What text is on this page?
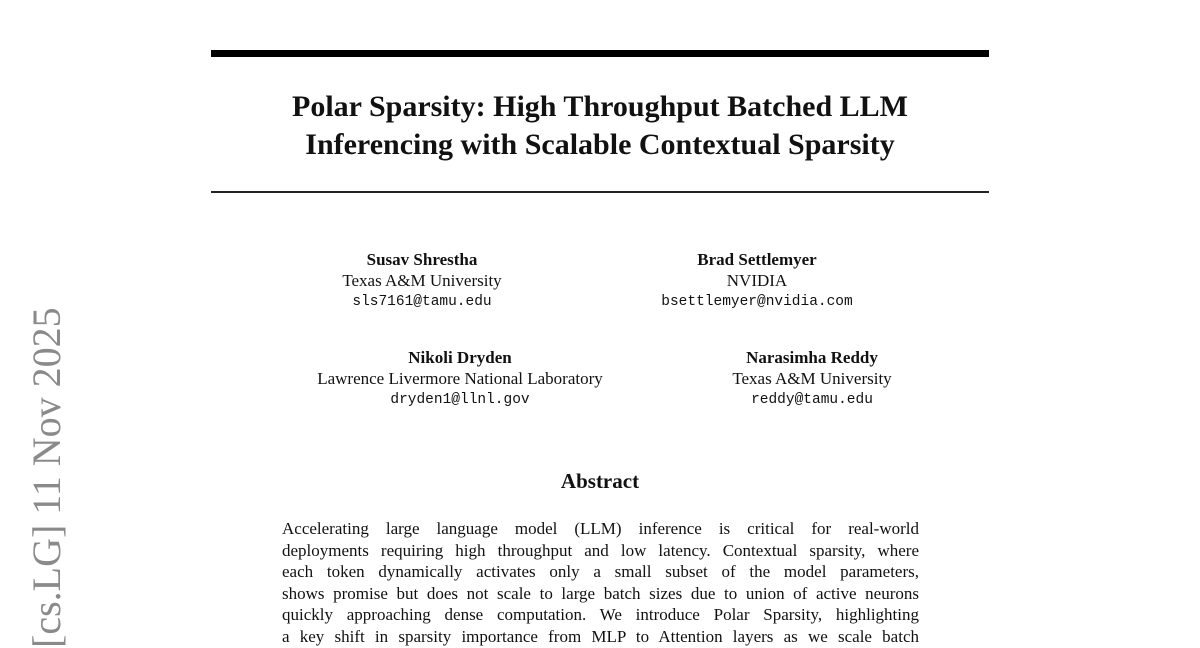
[cs.LG] 11 Nov 2025
Polar Sparsity: High Throughput Batched LLM
Inferencing with Scalable Contextual Sparsity
Susav Shrestha
Texas A&M University
sls7161@tamu.edu
Brad Settlemyer
NVIDIA
bsettlemyer@nvidia.com
Nikoli Dryden
Lawrence Livermore National Laboratory
dryden1@llnl.gov
Narasimha Reddy
Texas A&M University
reddy@tamu.edu
Abstract
Accelerating large language model (LLM) inference is critical for real-world
deployments requiring high throughput and low latency. Contextual sparsity, where
each token dynamically activates only a small subset of the model parameters,
shows promise but does not scale to large batch sizes due to union of active neurons
quickly approaching dense computation. We introduce Polar Sparsity, highlighting
a key shift in sparsity importance from MLP to Attention layers as we scale batch
